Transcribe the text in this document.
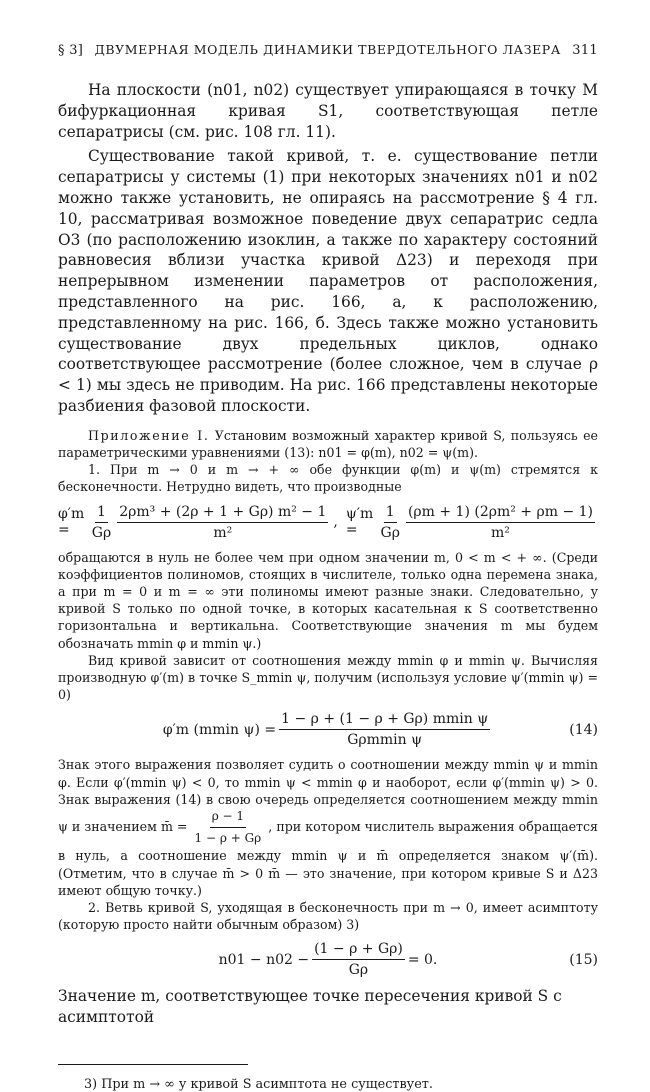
§ 3] ДВУМЕРНАЯ МОДЕЛЬ ДИНАМИКИ ТВЕРДОТЕЛЬНОГО ЛАЗЕРА 311

На плоскости (n01, n02) существует упирающаяся в точку M бифуркационная кривая S1, соответствующая петле сепаратрисы (см. рис. 108 гл. 11).

Существование такой кривой, т. е. существование петли сепаратрисы у системы (1) при некоторых значениях n01 и n02 можно также установить, не опираясь на рассмотрение § 4 гл. 10, рассматривая возможное поведение двух сепаратрис седла O3 (по расположению изоклин, а также по характеру состояний равновесия вблизи участка кривой Δ23) и переходя при непрерывном изменении параметров от расположения, представленного на рис. 166, a, к расположению, представленному на рис. 166, б. Здесь также можно установить существование двух предельных циклов, однако соответствующее рассмотрение (более сложное, чем в случае ρ < 1) мы здесь не приводим. На рис. 166 представлены некоторые разбиения фазовой плоскости.

Приложение I. Установим возможный характер кривой S, пользуясь ее параметрическими уравнениями (13): n01 = φ(m), n02 = ψ(m).

1. При m → 0 и m → + ∞ обе функции φ(m) и ψ(m) стремятся к бесконечности. Нетрудно видеть, что производные

φ′m =	$\frac{1}{G\rho} \frac{\text{2ρm³ + (2ρ + 1 + Gρ) m² − 1}}{\text{m²}}$ , ψ′m =	$\frac{1}{G\rho} \frac{\text{(ρm + 1) (2ρm² + ρm − 1)}}{\text{m²}}$

обращаются в нуль не более чем при одном значении m, 0 < m < + ∞. (Среди коэффициентов полиномов, стоящих в числителе, только одна перемена знака, а при m = 0 и m = ∞ эти полиномы имеют разные знаки. Следовательно, у кривой S только по одной точке, в которых касательная к S соответственно горизонтальна и вертикальна. Соответствующие значения m мы будем обозначать mmin φ и mmin ψ.)

Вид кривой зависит от соотношения между mmin φ и mmin ψ. Вычисляя производную φ′(m) в точке S_mmin ψ, получим (используя условие ψ′(mmin ψ) = 0)

φ′m (mmin $\psi) = \frac{\text{1 − ρ + (1 − ρ + Gρ) mmin ψ}}{\text{Gρmmin ψ}}$	(14)

Знак этого выражения позволяет судить о соотношении между mmin ψ и mmin φ. Если φ′(mmin ψ) < 0, то mmin ψ < mmin φ и наоборот, если φ′(mmin ψ) > 0. Знак выражения (14) в свою очередь определяется соотношением между mmin ψ и значением m̄ = $\frac{\rho - 1}{1 - \rho + G\rho}$ , при котором числитель выражения обращается в нуль, а соотношение между mmin ψ и m̄ определяется знаком ψ′(m̄). (Отметим, что в случае m̄ > 0 m̄ — это значение, при котором кривые S и Δ23 имеют общую точку.)

2. Ветвь кривой S, уходящая в бесконечность при m → 0, имеет асимптоту (которую просто найти обычным образом) 3)

$n01 - n02 - \frac{(1 - \rho + G\rho)}{G\rho} = 0$.	(15)

Значение m, соответствующее точке пересечения кривой S с асимптотой

3) При m → ∞ у кривой S асимптота не существует.
